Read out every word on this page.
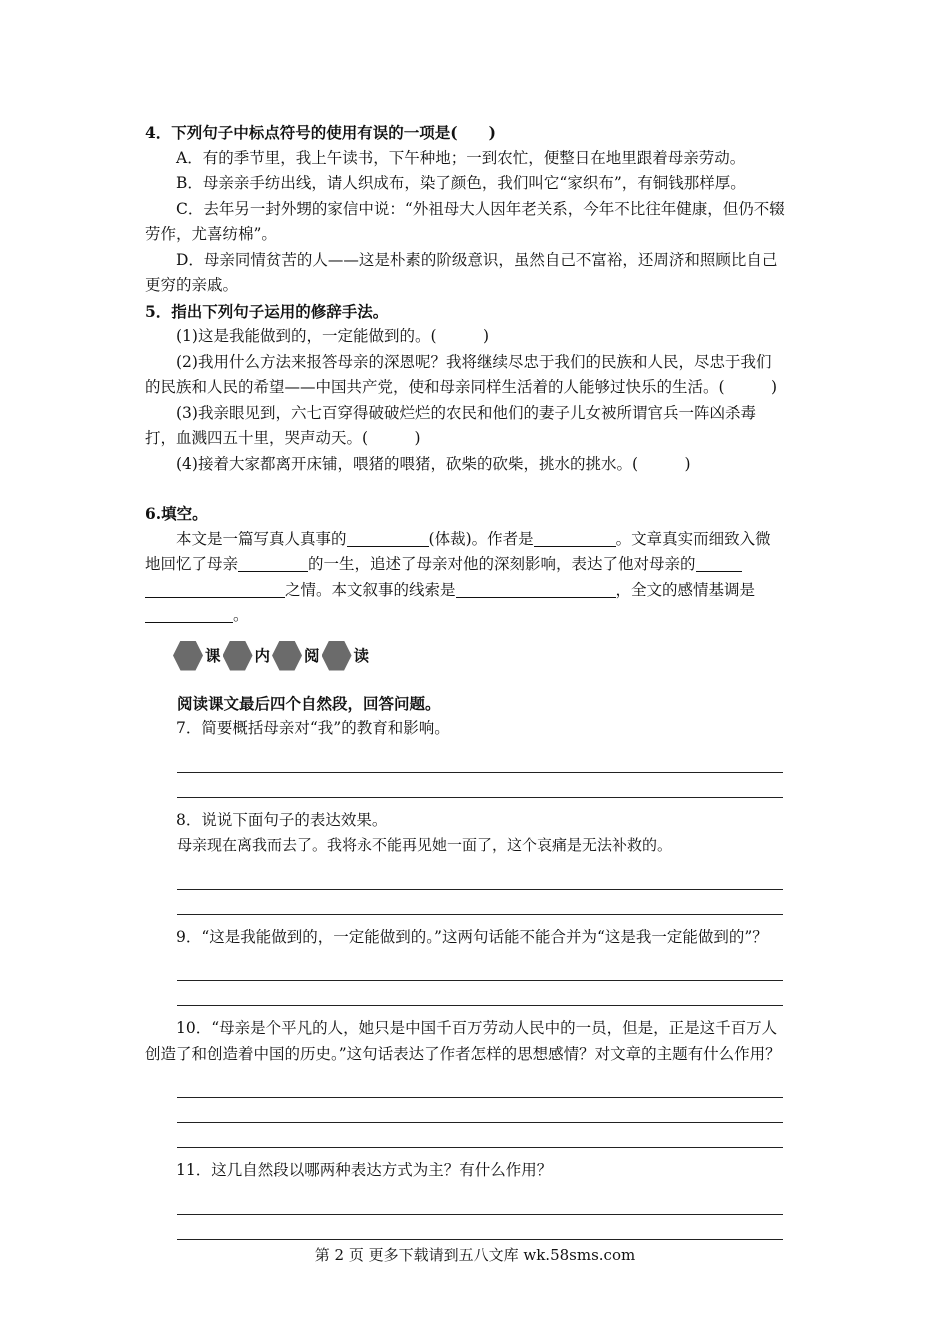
4．下列句子中标点符号的使用有误的一项是(　　)

A．有的季节里，我上午读书，下午种地；一到农忙，便整日在地里跟着母亲劳动。

B．母亲亲手纺出线，请人织成布，染了颜色，我们叫它“家织布”，有铜钱那样厚。

C．去年另一封外甥的家信中说：“外祖母大人因年老关系，今年不比往年健康，但仍不辍劳作，尤喜纺棉”。

D．母亲同情贫苦的人——这是朴素的阶级意识，虽然自己不富裕，还周济和照顾比自己更穷的亲戚。

5．指出下列句子运用的修辞手法。

(1)这是我能做到的，一定能做到的。(　　　)

(2)我用什么方法来报答母亲的深恩呢？我将继续尽忠于我们的民族和人民，尽忠于我们的民族和人民的希望——中国共产党，使和母亲同样生活着的人能够过快乐的生活。(　　　)

(3)我亲眼见到，六七百穿得破破烂烂的农民和他们的妻子儿女被所谓官兵一阵凶杀毒打，血溅四五十里，哭声动天。(　　　)

(4)接着大家都离开床铺，喂猪的喂猪，砍柴的砍柴，挑水的挑水。(　　　)

6.填空。

本文是一篇写真人真事的	(体裁)。作者是	。文章真实而细致入微地回忆了母亲	的一生，追述了母亲对他的深刻影响，表达了他对母亲的之情。本文叙事的线索是	，全文的感情基调是。

课 内 阅 读

阅读课文最后四个自然段，回答问题。

7．简要概括母亲对“我”的教育和影响。

8．说说下面句子的表达效果。

母亲现在离我而去了。我将永不能再见她一面了，这个哀痛是无法补救的。

9．“这是我能做到的，一定能做到的。”这两句话能不能合并为“这是我一定能做到的”？

10．“母亲是个平凡的人，她只是中国千百万劳动人民中的一员，但是，正是这千百万人创造了和创造着中国的历史。”这句话表达了作者怎样的思想感情？对文章的主题有什么作用？

11．这几自然段以哪两种表达方式为主？有什么作用？

第 2 页 更多下载请到五八文库 wk.58sms.com
